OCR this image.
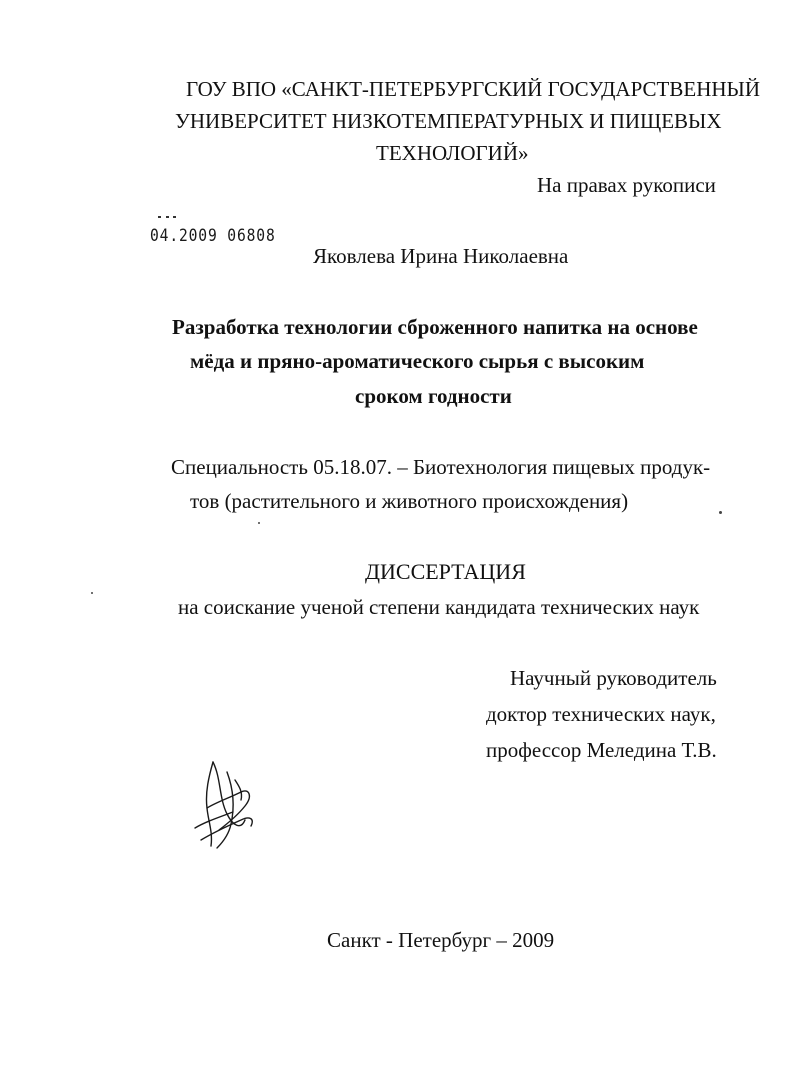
ГОУ ВПО «САНКТ-ПЕТЕРБУРГСКИЙ ГОСУДАРСТВЕННЫЙ
УНИВЕРСИТЕТ НИЗКОТЕМПЕРАТУРНЫХ И ПИЩЕВЫХ
ТЕХНОЛОГИЙ»
На правах рукописи
04.2009 06808
Яковлева Ирина Николаевна
Разработка технологии сброженного напитка на основе
мёда и пряно-ароматического сырья с высоким
сроком годности
Специальность 05.18.07. – Биотехнология пищевых продук-
тов (растительного и животного происхождения)
ДИССЕРТАЦИЯ
на соискание ученой степени кандидата технических наук
Научный руководитель
доктор технических наук,
профессор Меледина Т.В.
Санкт - Петербург – 2009
